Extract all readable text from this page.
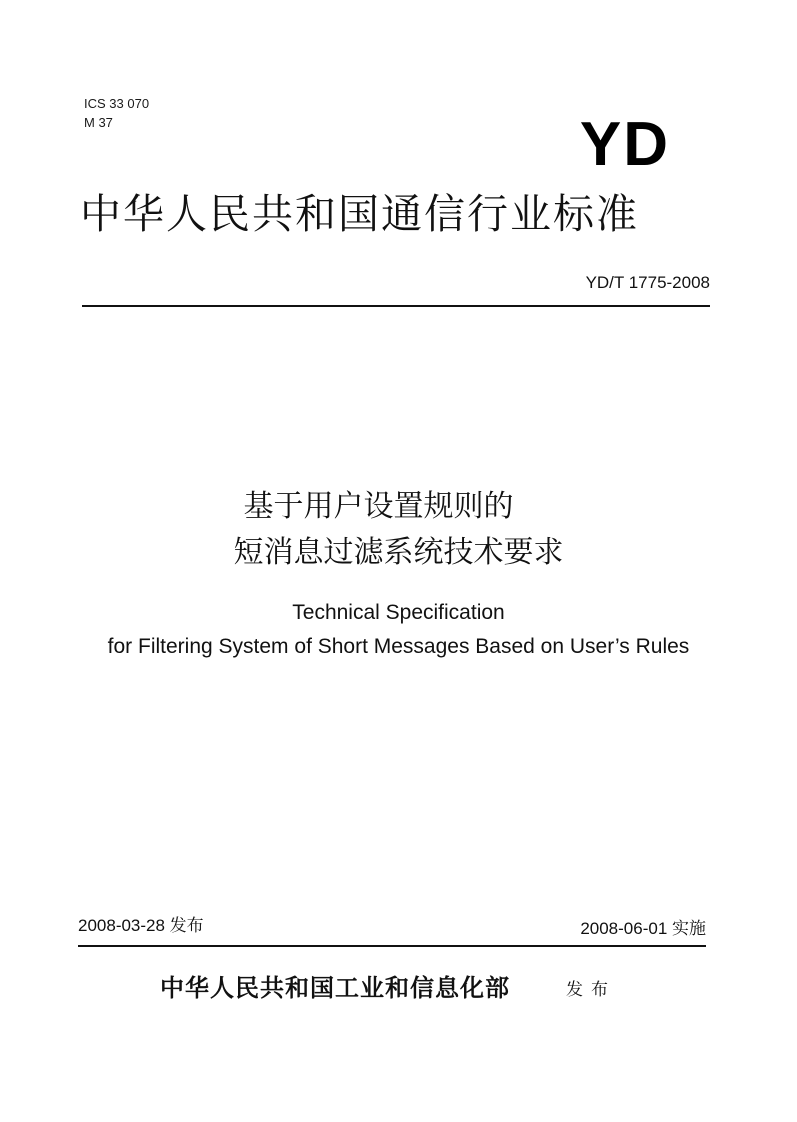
ICS 33 070
M 37	YD
中华人民共和国通信行业标准
YD/T 1775-2008
基于用户设置规则的
短消息过滤系统技术要求
Technical Specification
for Filtering System of Short Messages Based on User’s Rules
2008-03-28 发布	2008-06-01 实施
中华人民共和国工业和信息化部	发布
